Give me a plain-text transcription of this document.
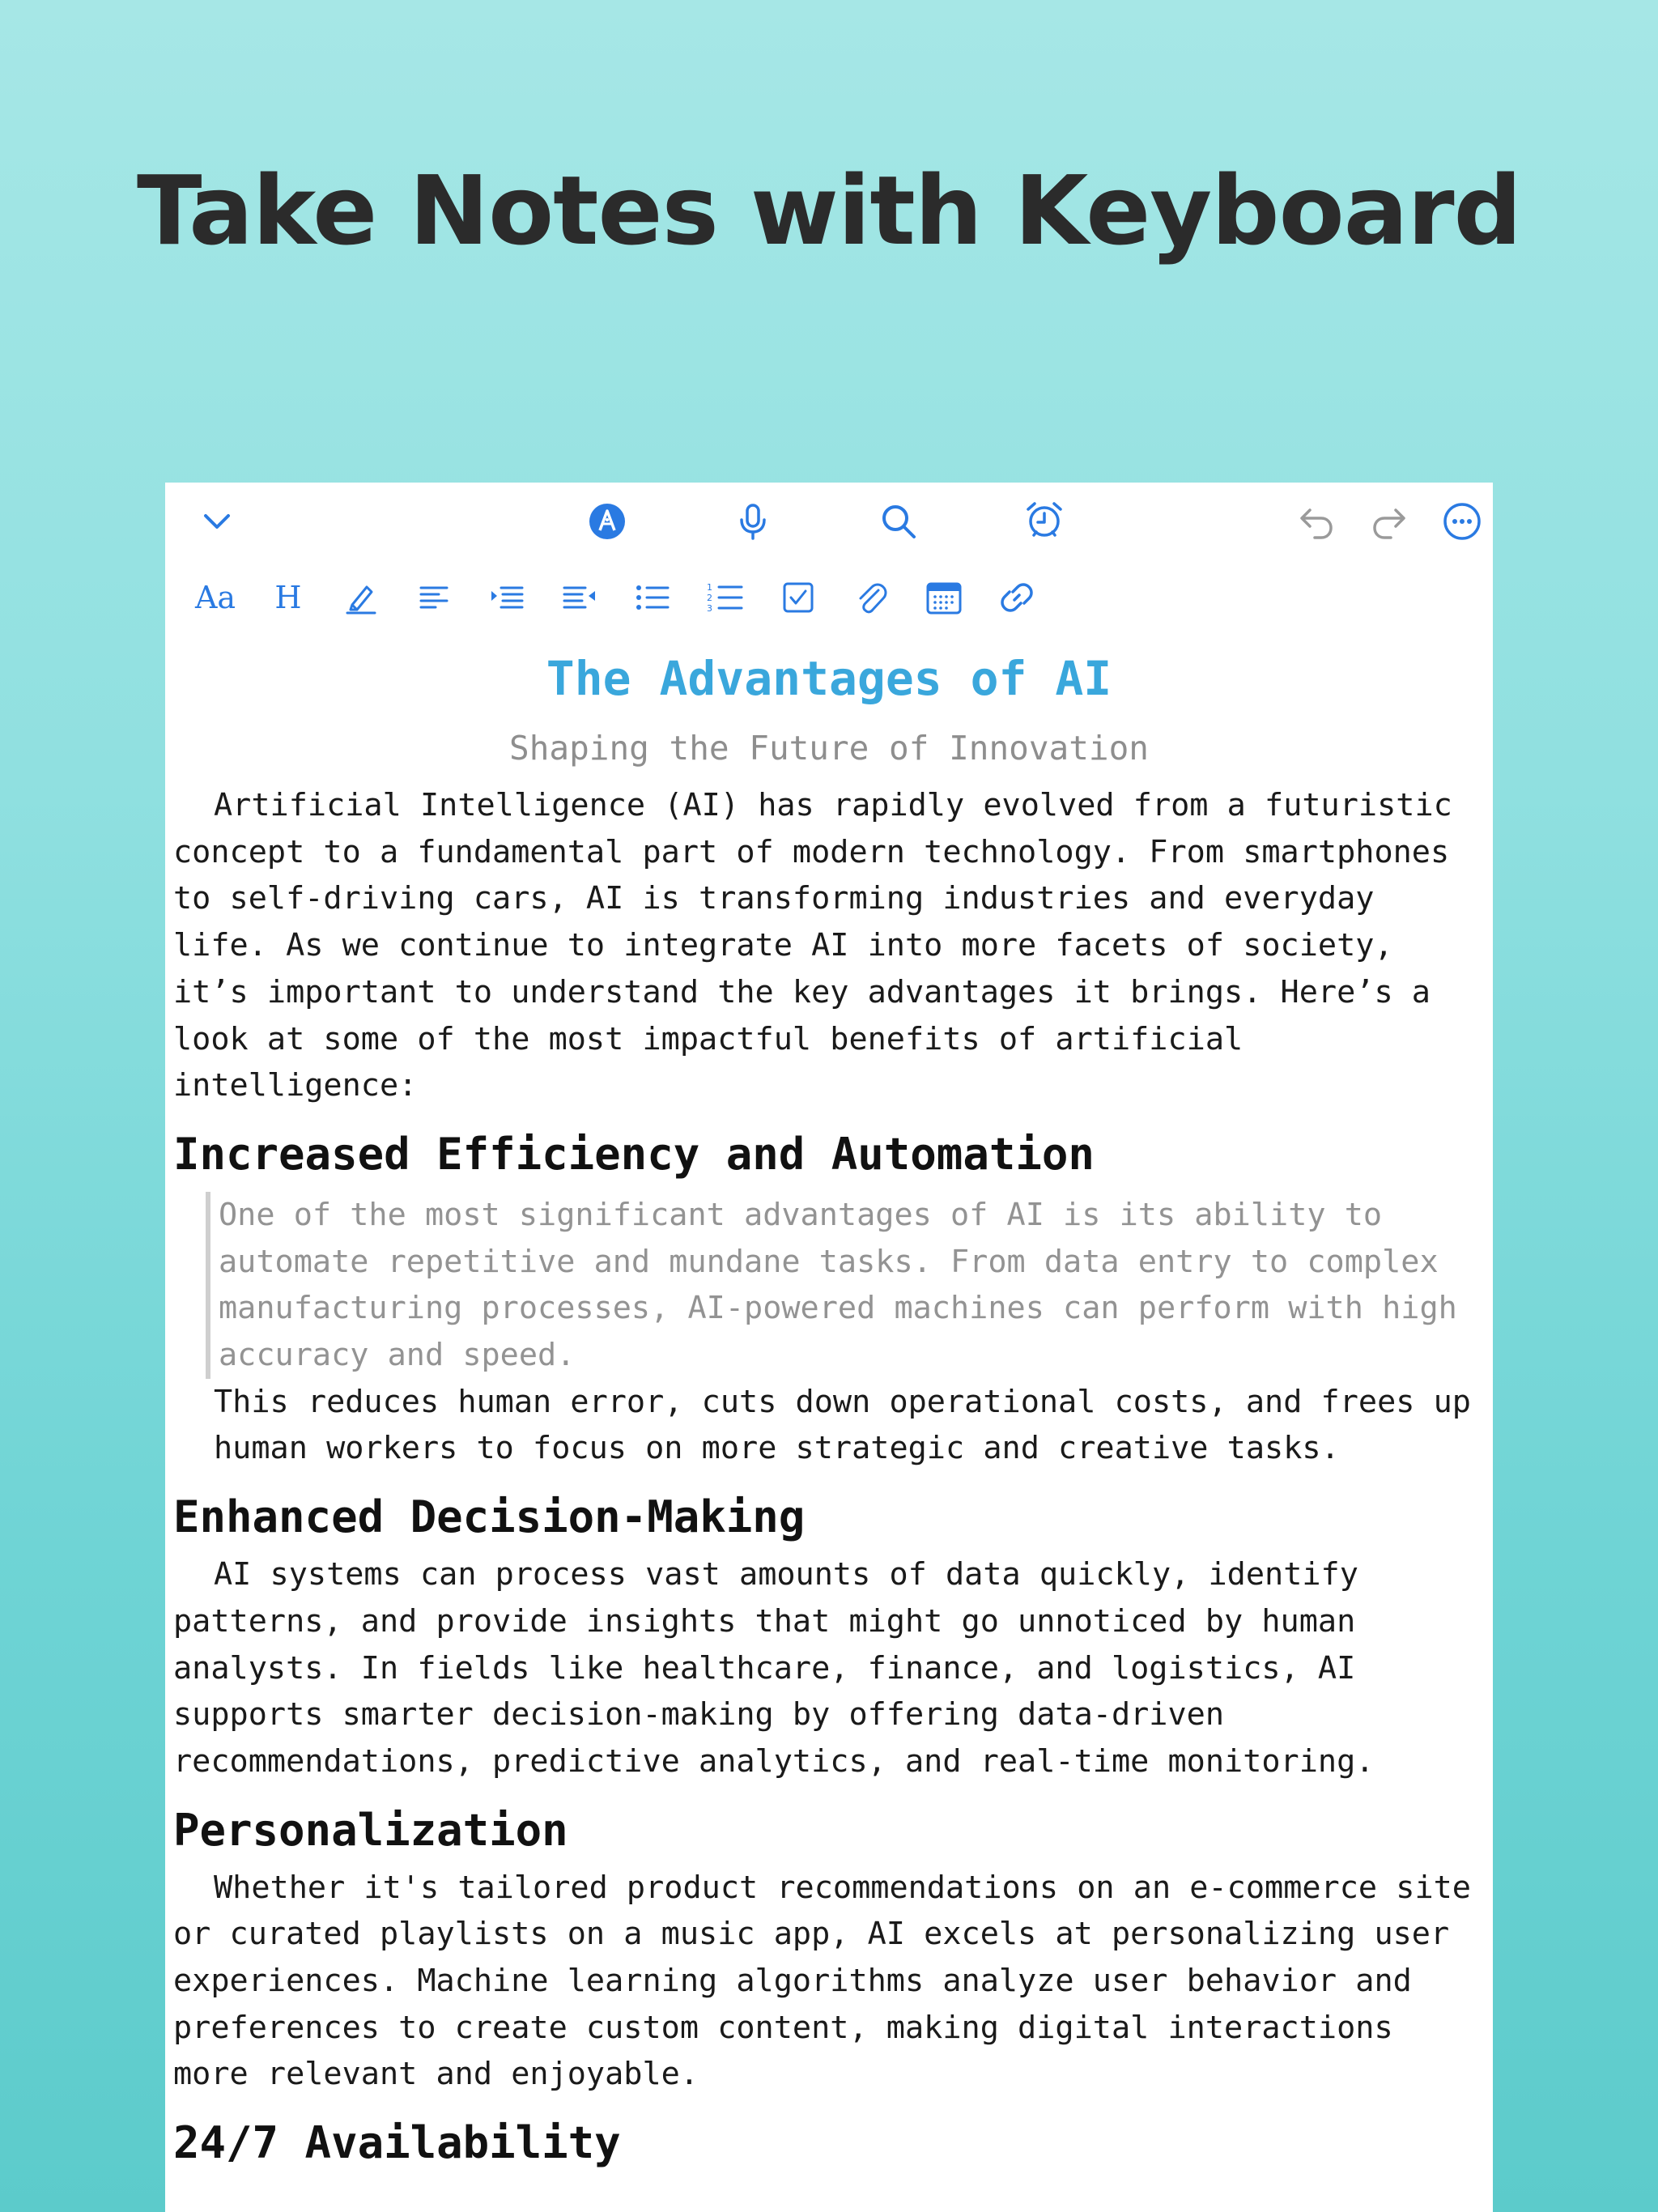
Take Notes with Keyboard
Aa H	1
2
3

The Advantages of AI

Shaping the Future of Innovation

Artificial Intelligence (AI) has rapidly evolved from a futuristic concept to a fundamental part of modern technology. From smartphones to self-driving cars, AI is transforming industries and everyday life. As we continue to integrate AI into more facets of society, it’s important to understand the key advantages it brings. Here’s a look at some of the most impactful benefits of artificial intelligence:

Increased Efficiency and Automation

One of the most significant advantages of AI is its ability to automate repetitive and mundane tasks. From data entry to complex manufacturing processes, AI-powered machines can perform with high accuracy and speed.

This reduces human error, cuts down operational costs, and frees up human workers to focus on more strategic and creative tasks.

Enhanced Decision-Making

AI systems can process vast amounts of data quickly, identify patterns, and provide insights that might go unnoticed by human analysts. In fields like healthcare, finance, and logistics, AI supports smarter decision-making by offering data-driven recommendations, predictive analytics, and real-time monitoring.

Personalization

Whether it's tailored product recommendations on an e-commerce site or curated playlists on a music app, AI excels at personalizing user experiences. Machine learning algorithms analyze user behavior and preferences to create custom content, making digital interactions more relevant and enjoyable.

24/7 Availability
